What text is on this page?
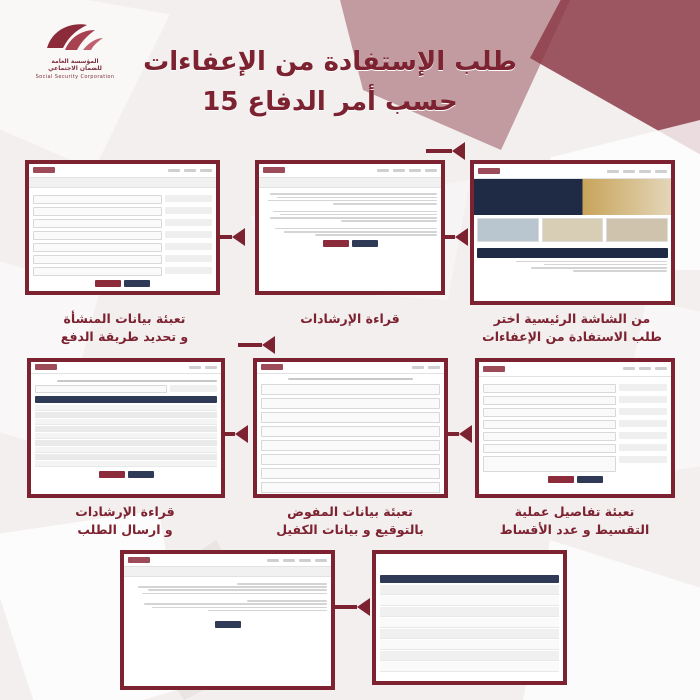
المؤسسة العامة
للضمان الاجتماعي
Social Security Corporation	طلب الإستفادة من الإعفاءات
حسب أمر الدفاع 15
من الشاشة الرئيسية اختر
طلب الاستفادة من الإعفاءات
قراءة الإرشادات
تعبئة بيانات المنشأة
و تحديد طريقة الدفع
تعبئة تفاصيل عملية
التقسيط و عدد الأقساط
تعبئة بيانات المفوض
بالتوقيع و بيانات الكفيل
قراءة الإرشادات
و ارسال الطلب
